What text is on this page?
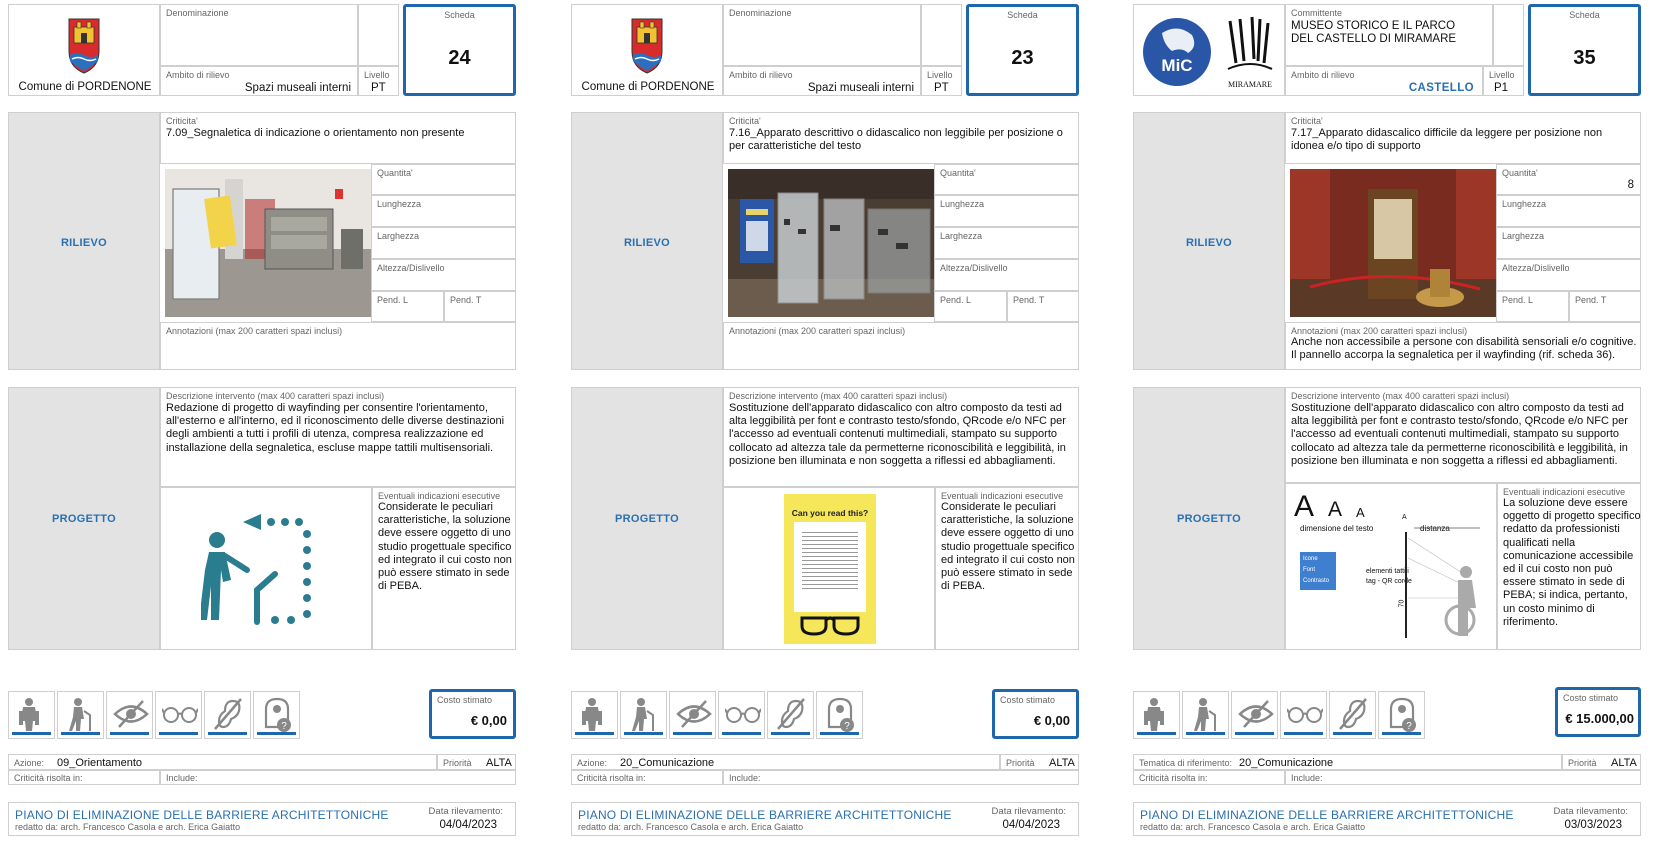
Comune di PORDENONE
Denominazione
Ambito di rilievo
Spazi museali interni
Livello
PT
Scheda
24
RILIEVO
Criticita'
7.09_Segnaletica di indicazione o orientamento non presente
Quantita'
Lunghezza
Larghezza
Altezza/Dislivello
Pend. L	Pend. T
Annotazioni (max 200 caratteri spazi inclusi)
PROGETTO
Descrizione intervento (max 400 caratteri spazi inclusi)
Redazione di progetto di wayfinding per consentire l'orientamento, all'esterno e all'interno, ed il riconoscimento delle diverse destinazioni degli ambienti a tutti i profili di utenza, compresa realizzazione ed installazione della segnaletica, escluse mappe tattili multisensoriali.
Eventuali indicazioni esecutive
Considerate le peculiari caratteristiche, la soluzione deve essere oggetto di uno studio progettuale specifico ed integrato il cui costo non può essere stimato in sede di PEBA.
?
Costo stimato
€ 0,00
Azione: 09_Orientamento	Priorità ALTA
Criticità risolta in:	Include:
PIANO DI ELIMINAZIONE DELLE BARRIERE ARCHITETTONICHE
redatto da: arch. Francesco Casola e arch. Erica Gaiatto
Data rilevamento:
04/04/2023
Comune di PORDENONE
Denominazione
Ambito di rilievo
Spazi museali interni
Livello
PT
Scheda
23
RILIEVO
Criticita'
7.16_Apparato descrittivo o didascalico non leggibile per posizione o per caratteristiche del testo
Quantita'
Lunghezza
Larghezza
Altezza/Dislivello
Pend. L	Pend. T
Annotazioni (max 200 caratteri spazi inclusi)
PROGETTO
Descrizione intervento (max 400 caratteri spazi inclusi)
Sostituzione dell'apparato didascalico con altro composto da testi ad alta leggibilità per font e contrasto testo/sfondo, QRcode e/o NFC per l'accesso ad eventuali contenuti multimediali, stampato su supporto collocato ad altezza tale da permetterne riconoscibilità e leggibilità, in posizione ben illuminata e non soggetta a riflessi ed abbagliamenti.
Can you read this?
Eventuali indicazioni esecutive
Considerate le peculiari caratteristiche, la soluzione deve essere oggetto di uno studio progettuale specifico ed integrato il cui costo non può essere stimato in sede di PEBA.
?
Costo stimato
€ 0,00
Azione: 20_Comunicazione	Priorità ALTA
Criticità risolta in:	Include:
PIANO DI ELIMINAZIONE DELLE BARRIERE ARCHITETTONICHE
redatto da: arch. Francesco Casola e arch. Erica Gaiatto
Data rilevamento:
04/04/2023
MiC
MIRAMARE
Committente
MUSEO STORICO E IL PARCO DEL CASTELLO DI MIRAMARE
Ambito di rilievo
CASTELLO
Livello
P1
Scheda
35
RILIEVO
Criticita'
7.17_Apparato didascalico difficile da leggere per posizione non idonea e/o tipo di supporto
Quantita'
8
Lunghezza
Larghezza
Altezza/Dislivello
Pend. L	Pend. T
Annotazioni (max 200 caratteri spazi inclusi)
Anche non accessibile a persone con disabilità sensoriali e/o cognitive. Il pannello accorpa la segnaletica per il wayfinding (rif. scheda 36).
PROGETTO
Descrizione intervento (max 400 caratteri spazi inclusi)
Sostituzione dell'apparato didascalico con altro composto da testi ad alta leggibilità per font e contrasto testo/sfondo, QRcode e/o NFC per l'accesso ad eventuali contenuti multimediali, stampato su supporto collocato ad altezza tale da permetterne riconoscibilità e leggibilità, in posizione ben illuminata e non soggetta a riflessi ed abbagliamenti.
A A A
dimensione del testo
A
distanza
Icone
Font
Contrasto
elementi tattili
tag - QR corde
70
Eventuali indicazioni esecutive
La soluzione deve essere oggetto di progetto specifico redatto da professionisti qualificati nella comunicazione accessibile ed il cui costo non può essere stimato in sede di PEBA; si indica, pertanto, un costo minimo di riferimento.
?
Costo stimato
€ 15.000,00
Tematica di riferimento: 20_Comunicazione	Priorità ALTA
Criticità risolta in:	Include:
PIANO DI ELIMINAZIONE DELLE BARRIERE ARCHITETTONICHE
redatto da: arch. Francesco Casola e arch. Erica Gaiatto
Data rilevamento:
03/03/2023
